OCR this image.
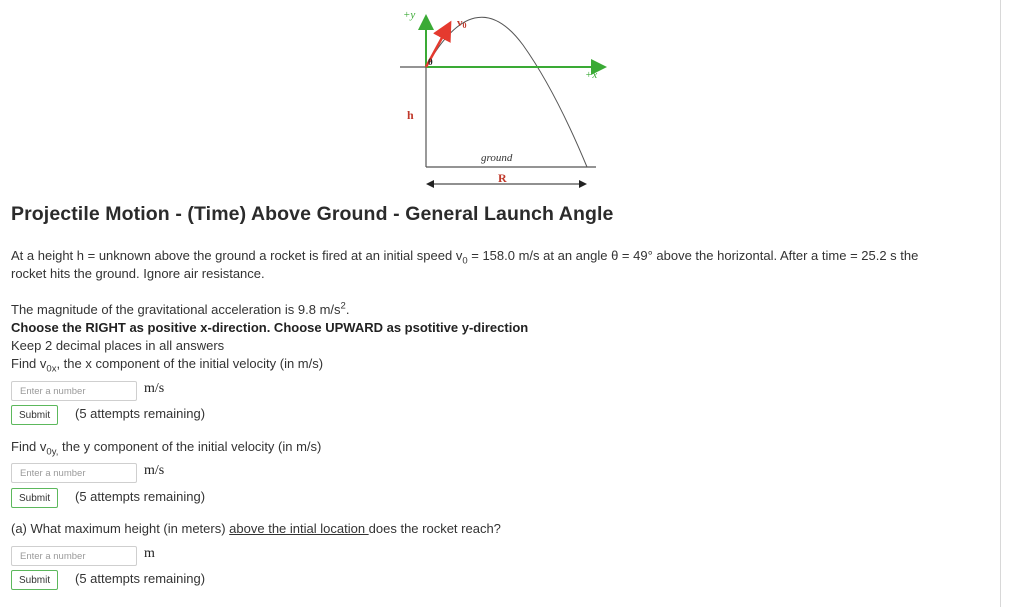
+y
v0
θ
+x
h
ground
R
Projectile Motion - (Time) Above Ground - General Launch Angle
At a height h = unknown above the ground a rocket is fired at an initial speed $v_0 = 158.0$ m/s at an angle θ = 49° above the horizontal. After a time = 25.2 s the
rocket hits the ground. Ignore air resistance.
The magnitude of the gravitational acceleration is 9.8 $m/s^2$.
Choose the RIGHT as positive x-direction. Choose UPWARD as psotitive y-direction
Keep 2 decimal places in all answers
Find $v_{0x}$, the x component of the initial velocity (in m/s)
Enter a number
m/s
Submit	(5 attempts remaining)
Find $v_{0y,}$ the y component of the initial velocity (in m/s)
Enter a number
m/s
Submit	(5 attempts remaining)
(a) What maximum height (in meters) above the intial location does the rocket reach?
Enter a number
m
Submit	(5 attempts remaining)
